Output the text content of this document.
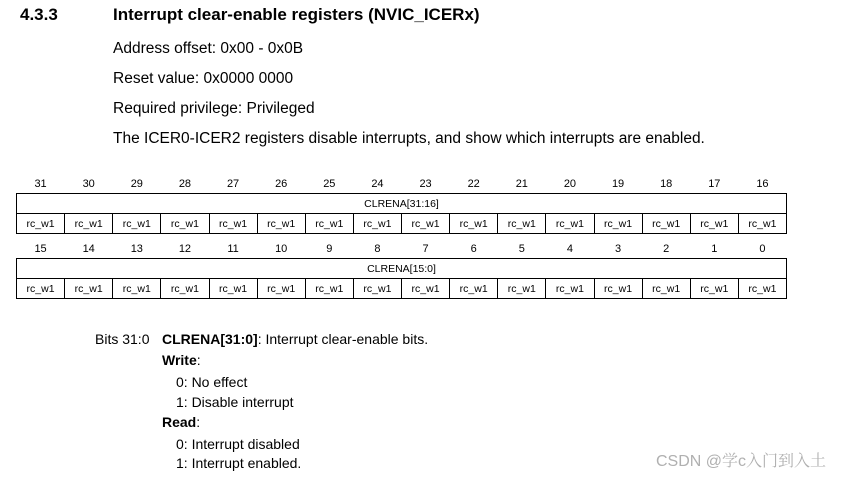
4.3.3	Interrupt clear-enable registers (NVIC_ICERx)
Address offset: 0x00 - 0x0B
Reset value: 0x0000 0000
Required privilege: Privileged
The ICER0-ICER2 registers disable interrupts, and show which interrupts are enabled.
31	30	29	28	27	26	25	24	23	22	21	20	19	18	17	16
CLRENA[31:16]															
rc_w1	rc_w1	rc_w1	rc_w1	rc_w1	rc_w1	rc_w1	rc_w1	rc_w1	rc_w1	rc_w1	rc_w1	rc_w1	rc_w1	rc_w1	rc_w1
15	14	13	12	11	10	9	8	7	6	5	4	3	2	1	0
CLRENA[15:0]															
rc_w1	rc_w1	rc_w1	rc_w1	rc_w1	rc_w1	rc_w1	rc_w1	rc_w1	rc_w1	rc_w1	rc_w1	rc_w1	rc_w1	rc_w1	rc_w1
Bits 31:0 CLRENA[31:0]: Interrupt clear-enable bits.
Write:
0: No effect
1: Disable interrupt
Read:
0: Interrupt disabled
1: Interrupt enabled.	CSDN @学c入门到入土
